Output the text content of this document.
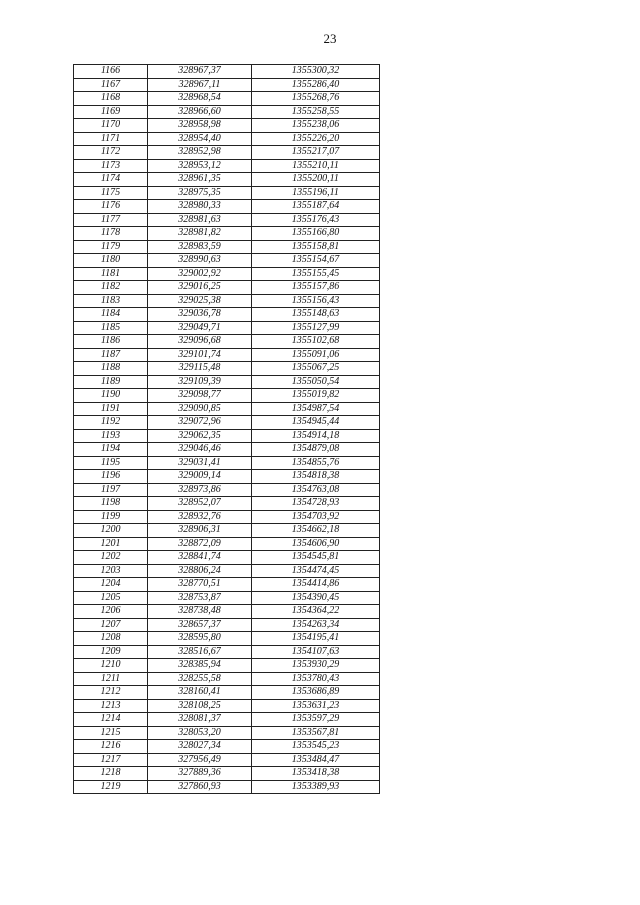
23
1166	328967,37	1355300,32
1167	328967,11	1355286,40
1168	328968,54	1355268,76
1169	328966,60	1355258,55
1170	328958,98	1355238,06
1171	328954,40	1355226,20
1172	328952,98	1355217,07
1173	328953,12	1355210,11
1174	328961,35	1355200,11
1175	328975,35	1355196,11
1176	328980,33	1355187,64
1177	328981,63	1355176,43
1178	328981,82	1355166,80
1179	328983,59	1355158,81
1180	328990,63	1355154,67
1181	329002,92	1355155,45
1182	329016,25	1355157,86
1183	329025,38	1355156,43
1184	329036,78	1355148,63
1185	329049,71	1355127,99
1186	329096,68	1355102,68
1187	329101,74	1355091,06
1188	329115,48	1355067,25
1189	329109,39	1355050,54
1190	329098,77	1355019,82
1191	329090,85	1354987,54
1192	329072,96	1354945,44
1193	329062,35	1354914,18
1194	329046,46	1354879,08
1195	329031,41	1354855,76
1196	329009,14	1354818,38
1197	328973,86	1354763,08
1198	328952,07	1354728,93
1199	328932,76	1354703,92
1200	328906,31	1354662,18
1201	328872,09	1354606,90
1202	328841,74	1354545,81
1203	328806,24	1354474,45
1204	328770,51	1354414,86
1205	328753,87	1354390,45
1206	328738,48	1354364,22
1207	328657,37	1354263,34
1208	328595,80	1354195,41
1209	328516,67	1354107,63
1210	328385,94	1353930,29
1211	328255,58	1353780,43
1212	328160,41	1353686,89
1213	328108,25	1353631,23
1214	328081,37	1353597,29
1215	328053,20	1353567,81
1216	328027,34	1353545,23
1217	327956,49	1353484,47
1218	327889,36	1353418,38
1219	327860,93	1353389,93
